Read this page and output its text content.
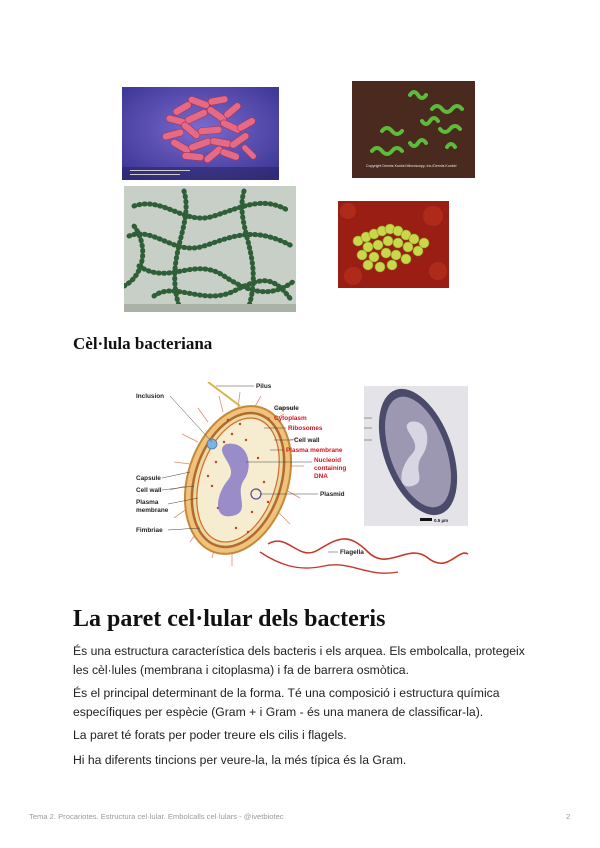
Copyright Dennis Kunkel Microscopy, Inc./Dennis Kunkel
Cèl·lula bacteriana
0.5 µm
Inclusion
Capsule
Cell wall
Plasma
membrane
Fimbriae
Pilus
Capsule
Cytoplasm
Ribosomes
Cell wall
Plasma membrane
Nucleoid
containing
DNA
Plasmid
Flagella
La paret cel·lular dels bacteris

És una estructura característica dels bacteris i els arquea. Els embolcalla, protegeix les cèl·lules (membrana i citoplasma) i fa de barrera osmòtica.

És el principal determinant de la forma. Té una composició i estructura química específiques per espècie (Gram + i Gram - és una manera de classificar-la).

La paret té forats per poder treure els cilis i flagels.

Hi ha diferents tincions per veure-la, la més típica és la Gram.

Tema 2. Procariotes. Estructura cel·lular. Embolcalls cel·lulars - @ivetbiotec	2
